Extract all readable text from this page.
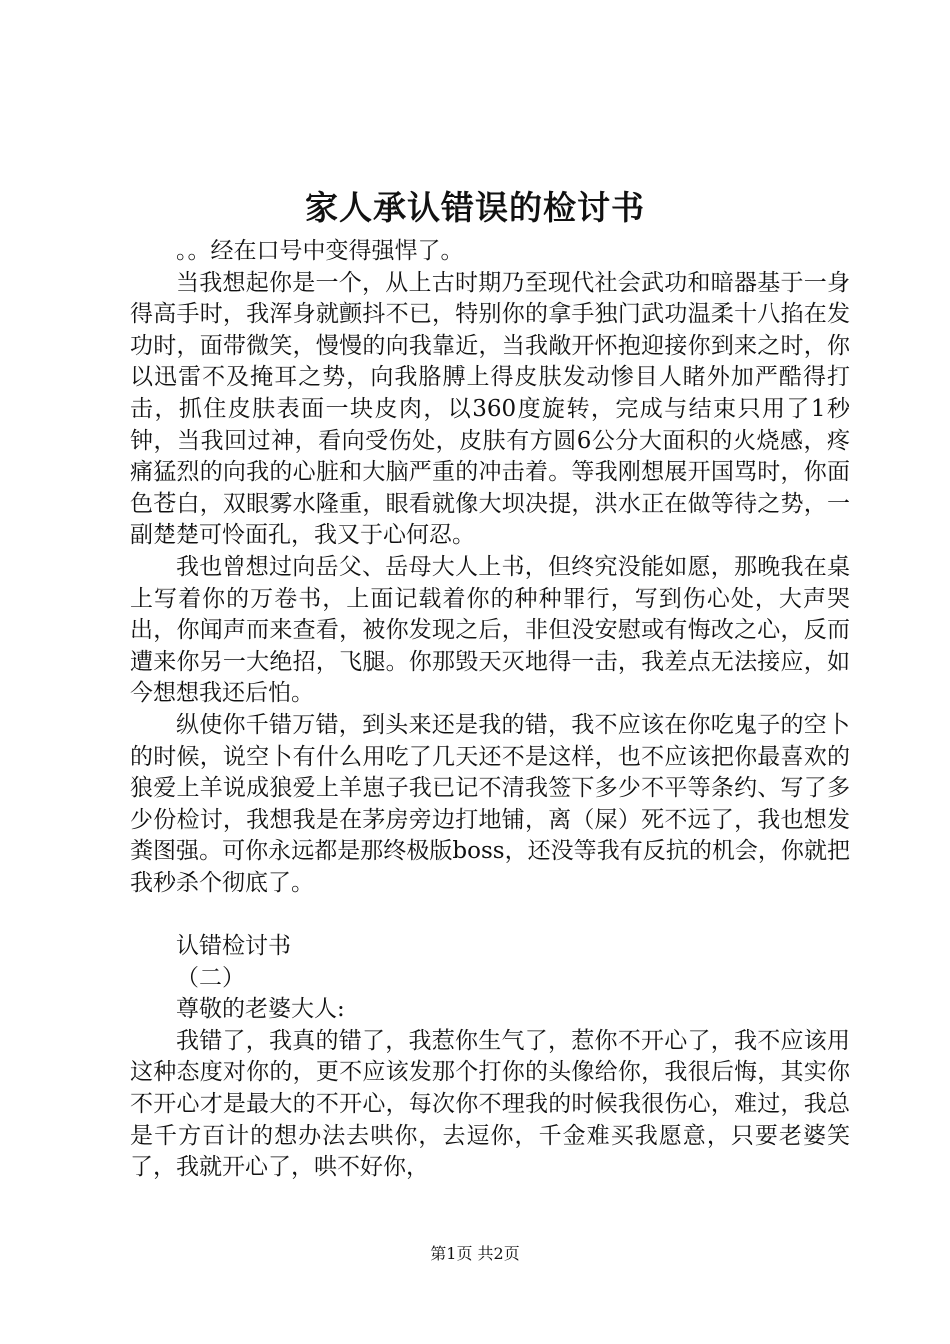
家人承认错误的检讨书

。。经在口号中变得强悍了。

当我想起你是一个，从上古时期乃至现代社会武功和暗器基于一身得高手时，我浑身就颤抖不已，特别你的拿手独门武功温柔十八掐在发功时，面带微笑，慢慢的向我靠近，当我敞开怀抱迎接你到来之时，你以迅雷不及掩耳之势，向我胳膊上得皮肤发动惨目人睹外加严酷得打击，抓住皮肤表面一块皮肉，以360度旋转，完成与结束只用了1秒钟，当我回过神，看向受伤处，皮肤有方圆6公分大面积的火烧感，疼痛猛烈的向我的心脏和大脑严重的冲击着。等我刚想展开国骂时，你面色苍白，双眼雾水隆重，眼看就像大坝决提，洪水正在做等待之势，一副楚楚可怜面孔，我又于心何忍。

我也曾想过向岳父、岳母大人上书，但终究没能如愿，那晚我在桌上写着你的万卷书，上面记载着你的种种罪行，写到伤心处，大声哭出，你闻声而来查看，被你发现之后，非但没安慰或有悔改之心，反而遭来你另一大绝招，飞腿。你那毁天灭地得一击，我差点无法接应，如今想想我还后怕。

纵使你千错万错，到头来还是我的错，我不应该在你吃鬼子的空卜的时候，说空卜有什么用吃了几天还不是这样，也不应该把你最喜欢的狼爱上羊说成狼爱上羊崽子我已记不清我签下多少不平等条约、写了多少份检讨，我想我是在茅房旁边打地铺，离（屎）死不远了，我也想发粪图强。可你永远都是那终极版boss，还没等我有反抗的机会，你就把我秒杀个彻底了。

认错检讨书

（二）

尊敬的老婆大人:

我错了，我真的错了，我惹你生气了，惹你不开心了，我不应该用这种态度对你的，更不应该发那个打你的头像给你，我很后悔，其实你不开心才是最大的不开心，每次你不理我的时候我很伤心，难过，我总是千方百计的想办法去哄你，去逗你，千金难买我愿意，只要老婆笑了，我就开心了，哄不好你，

第1页 共2页
